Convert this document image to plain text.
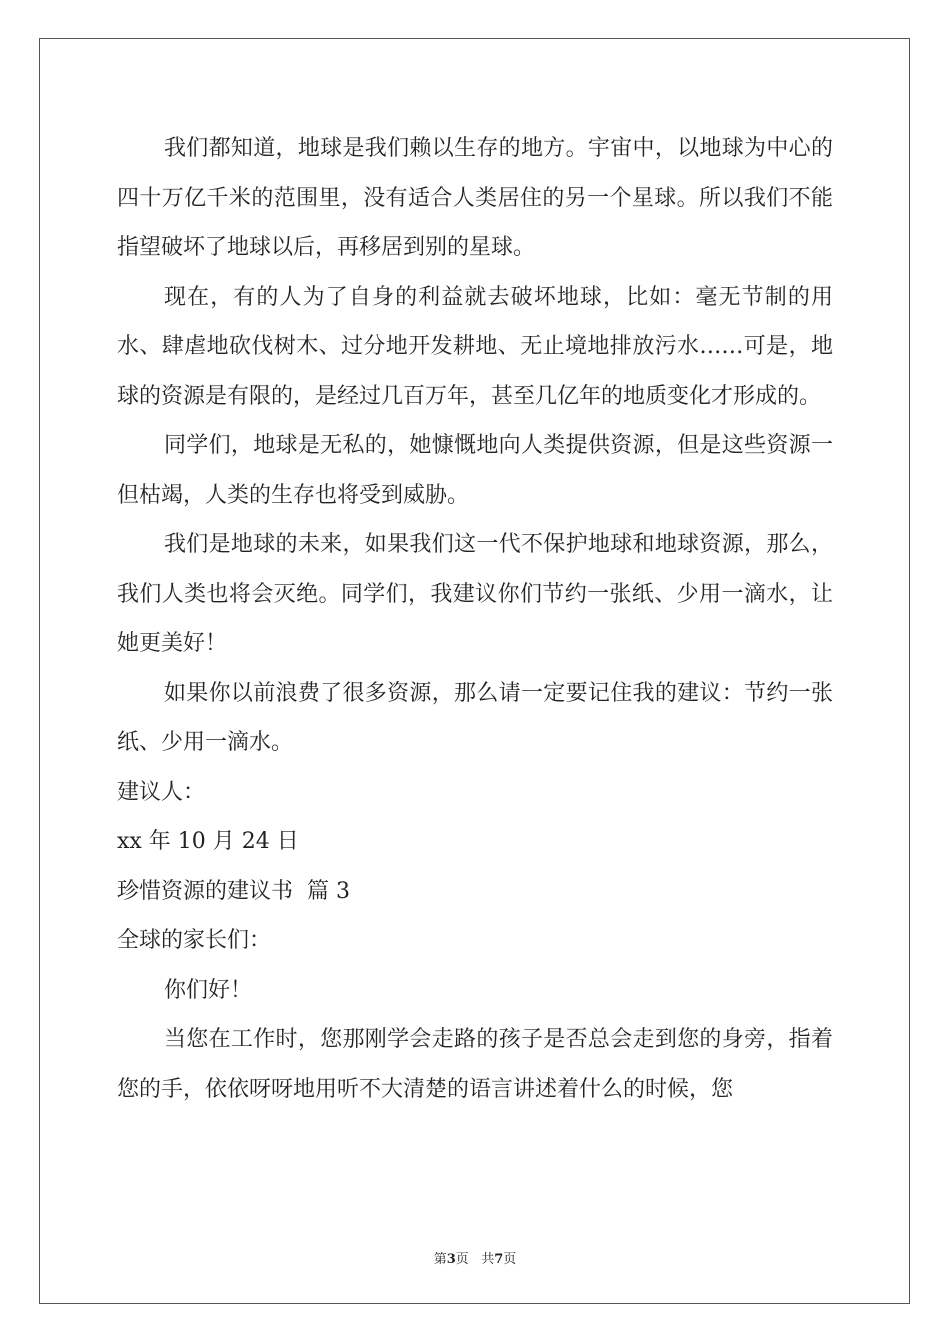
我们都知道，地球是我们赖以生存的地方。宇宙中，以地球为中心的四十万亿千米的范围里，没有适合人类居住的另一个星球。所以我们不能指望破坏了地球以后，再移居到别的星球。

现在，有的人为了自身的利益就去破坏地球，比如：毫无节制的用水、肆虐地砍伐树木、过分地开发耕地、无止境地排放污水……可是，地球的资源是有限的，是经过几百万年，甚至几亿年的地质变化才形成的。

同学们，地球是无私的，她慷慨地向人类提供资源，但是这些资源一但枯竭，人类的生存也将受到威胁。

我们是地球的未来，如果我们这一代不保护地球和地球资源，那么，我们人类也将会灭绝。同学们，我建议你们节约一张纸、少用一滴水，让她更美好！

如果你以前浪费了很多资源，那么请一定要记住我的建议：节约一张纸、少用一滴水。

建议人：

xx 年 10 月 24 日

珍惜资源的建议书  篇 3

全球的家长们：

你们好！

当您在工作时，您那刚学会走路的孩子是否总会走到您的身旁，指着您的手，依依呀呀地用听不大清楚的语言讲述着什么的时候，您

第3页   共7页
